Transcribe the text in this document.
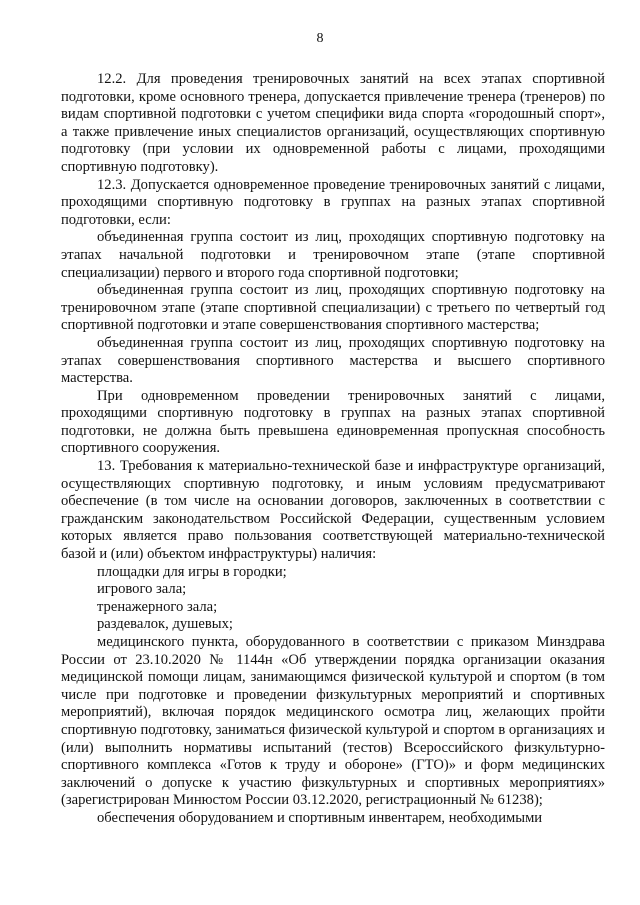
8

12.2. Для проведения тренировочных занятий на всех этапах спортивной подготовки, кроме основного тренера, допускается привлечение тренера (тренеров) по видам спортивной подготовки с учетом специфики вида спорта «городошный спорт», а также привлечение иных специалистов организаций, осуществляющих спортивную подготовку (при условии их одновременной работы с лицами, проходящими спортивную подготовку).

12.3. Допускается одновременное проведение тренировочных занятий с лицами, проходящими спортивную подготовку в группах на разных этапах спортивной подготовки, если:

объединенная группа состоит из лиц, проходящих спортивную подготовку на этапах начальной подготовки и тренировочном этапе (этапе спортивной специализации) первого и второго года спортивной подготовки;

объединенная группа состоит из лиц, проходящих спортивную подготовку на тренировочном этапе (этапе спортивной специализации) с третьего по четвертый год спортивной подготовки и этапе совершенствования спортивного мастерства;

объединенная группа состоит из лиц, проходящих спортивную подготовку на этапах совершенствования спортивного мастерства и высшего спортивного мастерства.

При одновременном проведении тренировочных занятий с лицами, проходящими спортивную подготовку в группах на разных этапах спортивной подготовки, не должна быть превышена единовременная пропускная способность спортивного сооружения.

13. Требования к материально-технической базе и инфраструктуре организаций, осуществляющих спортивную подготовку, и иным условиям предусматривают обеспечение (в том числе на основании договоров, заключенных в соответствии с гражданским законодательством Российской Федерации, существенным условием которых является право пользования соответствующей материально-технической базой и (или) объектом инфраструктуры) наличия:

площадки для игры в городки;

игрового зала;

тренажерного зала;

раздевалок, душевых;

медицинского пункта, оборудованного в соответствии с приказом Минздрава России от 23.10.2020 № 1144н «Об утверждении порядка организации оказания медицинской помощи лицам, занимающимся физической культурой и спортом (в том числе при подготовке и проведении физкультурных мероприятий и спортивных мероприятий), включая порядок медицинского осмотра лиц, желающих пройти спортивную подготовку, заниматься физической культурой и спортом в организациях и (или) выполнить нормативы испытаний (тестов) Всероссийского физкультурно-спортивного комплекса «Готов к труду и обороне» (ГТО)» и форм медицинских заключений о допуске к участию физкультурных и спортивных мероприятиях» (зарегистрирован Минюстом России 03.12.2020, регистрационный № 61238);

обеспечения оборудованием и спортивным инвентарем, необходимыми
